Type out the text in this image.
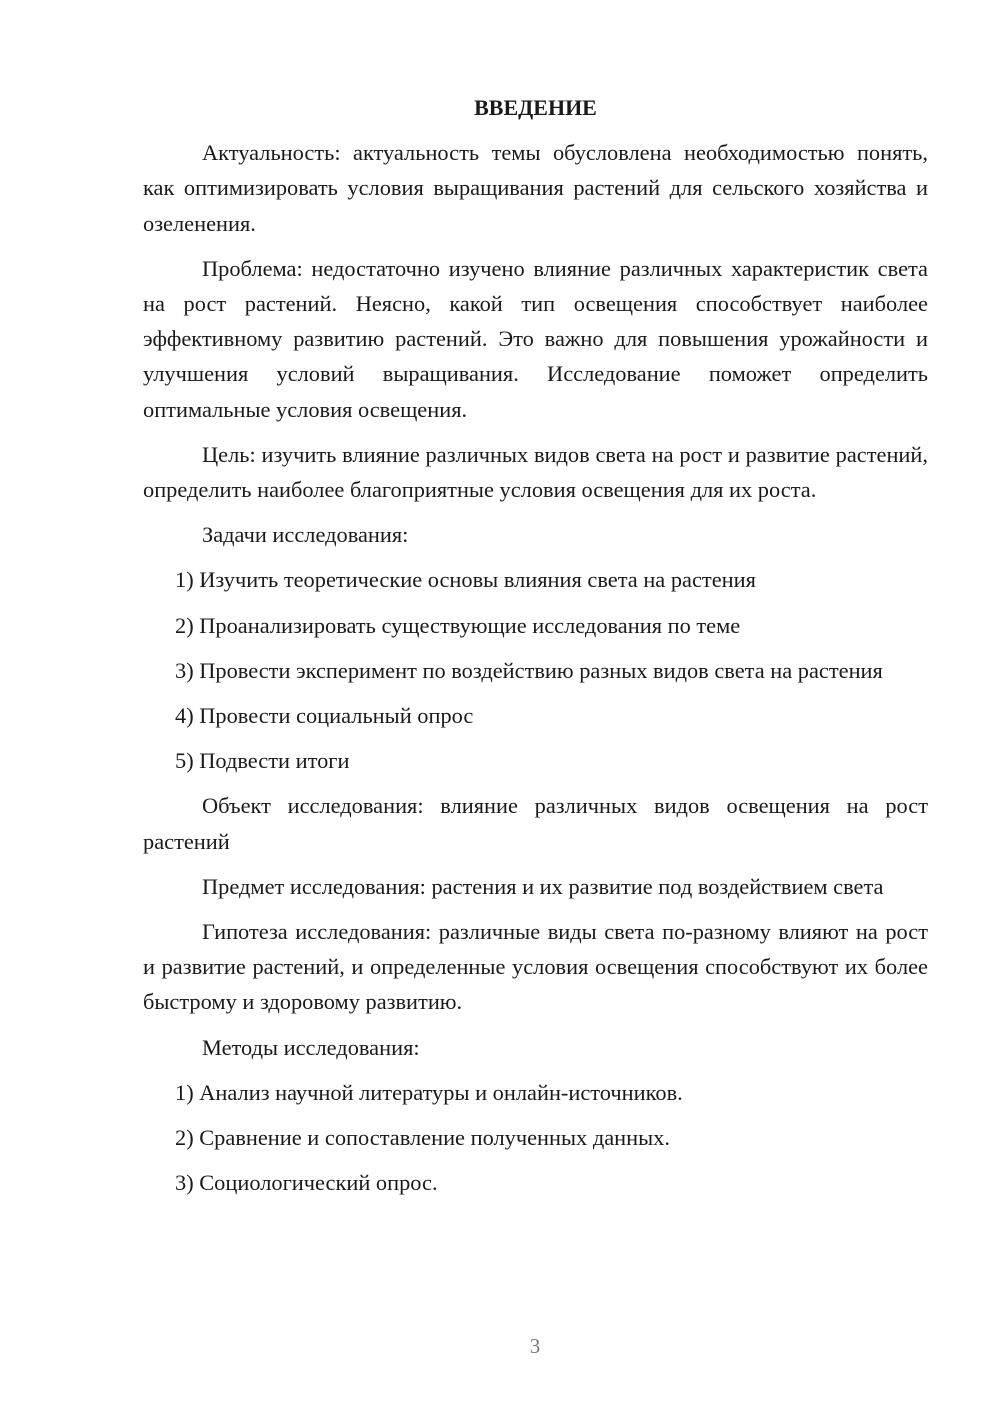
ВВЕДЕНИЕ

Актуальность: актуальность темы обусловлена необходимостью понять, как оптимизировать условия выращивания растений для сельского хозяйства и озеленения.

Проблема: недостаточно изучено влияние различных характеристик света на рост растений. Неясно, какой тип освещения способствует наиболее эффективному развитию растений. Это важно для повышения урожайности и улучшения условий выращивания. Исследование поможет определить оптимальные условия освещения.

Цель: изучить влияние различных видов света на рост и развитие растений, определить наиболее благоприятные условия освещения для их роста.

Задачи исследования:

1) Изучить теоретические основы влияния света на растения

2) Проанализировать существующие исследования по теме

3) Провести эксперимент по воздействию разных видов света на растения

4) Провести социальный опрос

5) Подвести итоги

Объект исследования: влияние различных видов освещения на рост растений

Предмет исследования: растения и их развитие под воздействием света

Гипотеза исследования: различные виды света по-разному влияют на рост и развитие растений, и определенные условия освещения способствуют их более быстрому и здоровому развитию.

Методы исследования:

1) Анализ научной литературы и онлайн-источников.

2) Сравнение и сопоставление полученных данных.

3) Социологический опрос.

3
